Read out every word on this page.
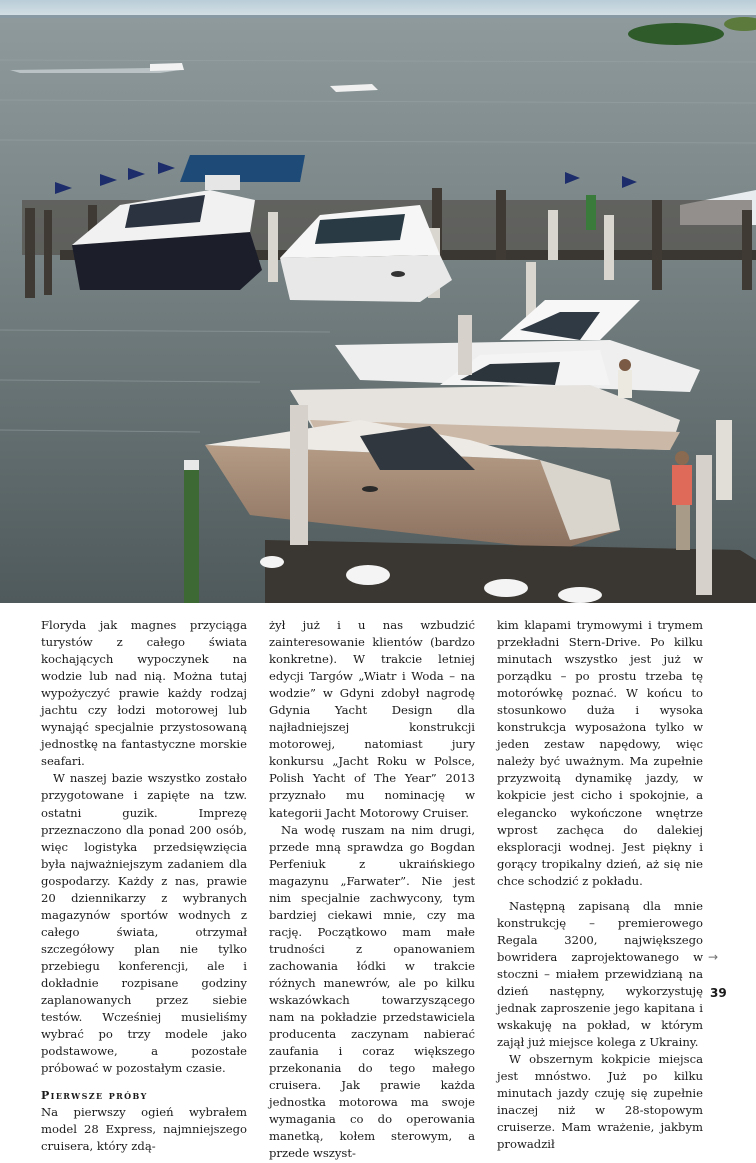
Floryda jak magnes przyciąga turystów z całego świata kochających wypoczynek na wodzie lub nad nią. Można tutaj wypożyczyć prawie każdy rodzaj jachtu czy łodzi motorowej lub wynająć specjalnie przystosowaną jednostkę na fantastyczne morskie seafari.

W naszej bazie wszystko zostało przygotowane i zapięte na tzw. ostatni guzik. Imprezę przeznaczono dla ponad 200 osób, więc logistyka przedsięwzięcia była najważniejszym zadaniem dla gospodarzy. Każdy z nas, prawie 20 dziennikarzy z wybranych magazynów sportów wodnych z całego świata, otrzymał szczegółowy plan nie tylko przebiegu konferencji, ale i dokładnie rozpisane godziny zaplanowanych przez siebie testów. Wcześniej musieliśmy wybrać po trzy modele jako podstawowe, a pozostałe próbować w pozostałym czasie.

Pierwsze próby

Na pierwszy ogień wybrałem model 28 Express, najmniejszego cruisera, który zdą-

żył już i u nas wzbudzić zainteresowanie klientów (bardzo konkretne). W trakcie letniej edycji Targów „Wiatr i Woda – na wodzie” w Gdyni zdobył nagrodę Gdynia Yacht Design dla najładniejszej konstrukcji motorowej, natomiast jury konkursu „Jacht Roku w Polsce, Polish Yacht of The Year” 2013 przyznało mu nominację w kategorii Jacht Motorowy Cruiser.

Na wodę ruszam na nim drugi, przede mną sprawdza go Bogdan Perfeniuk z ukraińskiego magazynu „Farwater”. Nie jest nim specjalnie zachwycony, tym bardziej ciekawi mnie, czy ma rację. Początkowo mam małe trudności z opanowaniem zachowania łódki w trakcie różnych manewrów, ale po kilku wskazówkach towarzyszącego nam na pokładzie przedstawiciela producenta zaczynam nabierać zaufania i coraz większego przekonania do tego małego cruisera. Jak prawie każda jednostka motorowa ma swoje wymagania co do operowania manetką, kołem sterowym, a przede wszyst-

kim klapami trymowymi i trymem przekładni Stern-Drive. Po kilku minutach wszystko jest już w porządku – po prostu trzeba tę motorówkę poznać. W końcu to stosunkowo duża i wysoka konstrukcja wyposażona tylko w jeden zestaw napędowy, więc należy być uważnym. Ma zupełnie przyzwoitą dynamikę jazdy, w kokpicie jest cicho i spokojnie, a elegancko wykończone wnętrze wprost zachęca do dalekiej eksploracji wodnej. Jest piękny i gorący tropikalny dzień, aż się nie chce schodzić z pokładu.

Następną zapisaną dla mnie konstrukcję – premierowego Regala 3200, największego bowridera zaprojektowanego w stoczni – miałem przewidzianą na dzień następny, wykorzystuję jednak zaproszenie jego kapitana i wskakuję na pokład, w którym zajął już miejsce kolega z Ukrainy.

W obszernym kokpicie miejsca jest mnóstwo. Już po kilku minutach jazdy czuję się zupełnie inaczej niż w 28-stopowym cruiserze. Mam wrażenie, jakbym prowadził

→
39
